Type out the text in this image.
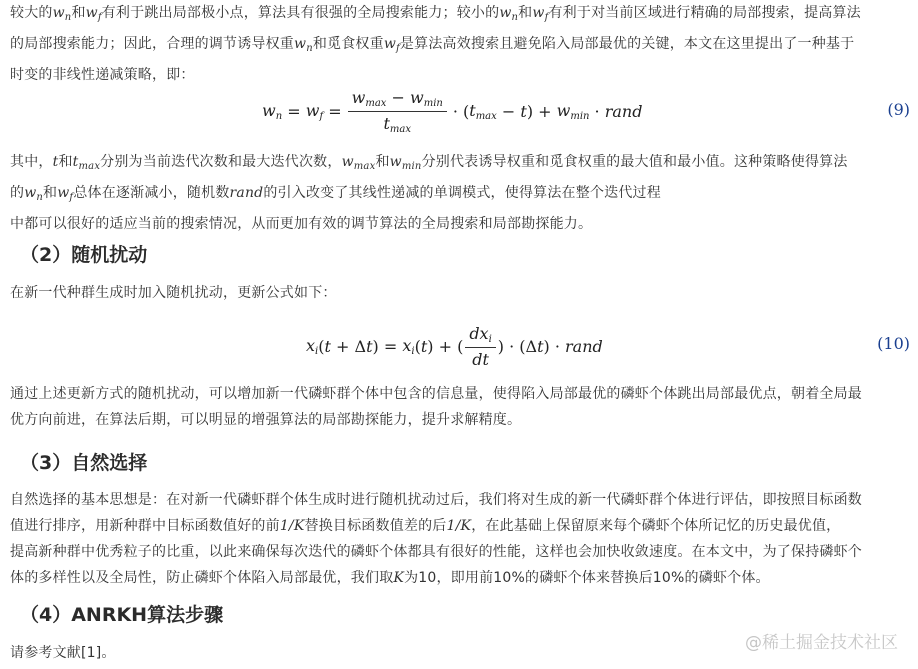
较大的$w_n$和$w_f$有利于跳出局部极小点，算法具有很强的全局搜索能力；较小的$w_n$和$w_f$有利于对当前区域进行精确的局部搜索，提高算法
的局部搜索能力；因此，合理的调节诱导权重$w_n$和觅食权重$w_f$是算法高效搜索且避免陷入局部最优的关键，本文在这里提出了一种基于
时变的非线性递减策略，即：
$w_n = w_f = \frac{w_{max} - w_{min}}{t_{max}}$ · ( $t_{max} - t$ ) + $w_{min}$ · rand	(9)
其中，t和$t_{max}$分别为当前迭代次数和最大迭代次数，$w_{max}$和$w_{min}$分别代表诱导权重和觅食权重的最大值和最小值。这种策略使得算法
的$w_n$和$w_f$总体在逐渐减小，随机数rand的引入改变了其线性递减的单调模式，使得算法在整个迭代过程
中都可以很好的适应当前的搜索情况，从而更加有效的调节算法的全局搜索和局部勘探能力。
（2）随机扰动
在新一代种群生成时加入随机扰动，更新公式如下：
$x_i$ ( t + Δ t ) = $x_i$ ( t ) + ( $\frac{dx_i}{dt}$ ) · (Δ t ) · rand	(10)
通过上述更新方式的随机扰动，可以增加新一代磷虾群个体中包含的信息量，使得陷入局部最优的磷虾个体跳出局部最优点，朝着全局最
优方向前进，在算法后期，可以明显的增强算法的局部勘探能力，提升求解精度。
（3）自然选择
自然选择的基本思想是：在对新一代磷虾群个体生成时进行随机扰动过后，我们将对生成的新一代磷虾群个体进行评估，即按照目标函数
值进行排序，用新种群中目标函数值好的前1/K替换目标函数值差的后1/K，在此基础上保留原来每个磷虾个体所记忆的历史最优值，
提高新种群中优秀粒子的比重，以此来确保每次迭代的磷虾个体都具有很好的性能，这样也会加快收敛速度。在本文中，为了保持磷虾个
体的多样性以及全局性，防止磷虾个体陷入局部最优，我们取K为10，即用前10%的磷虾个体来替换后10%的磷虾个体。
（4）ANRKH算法步骤
请参考文献[1]。	@稀土掘金技术社区
